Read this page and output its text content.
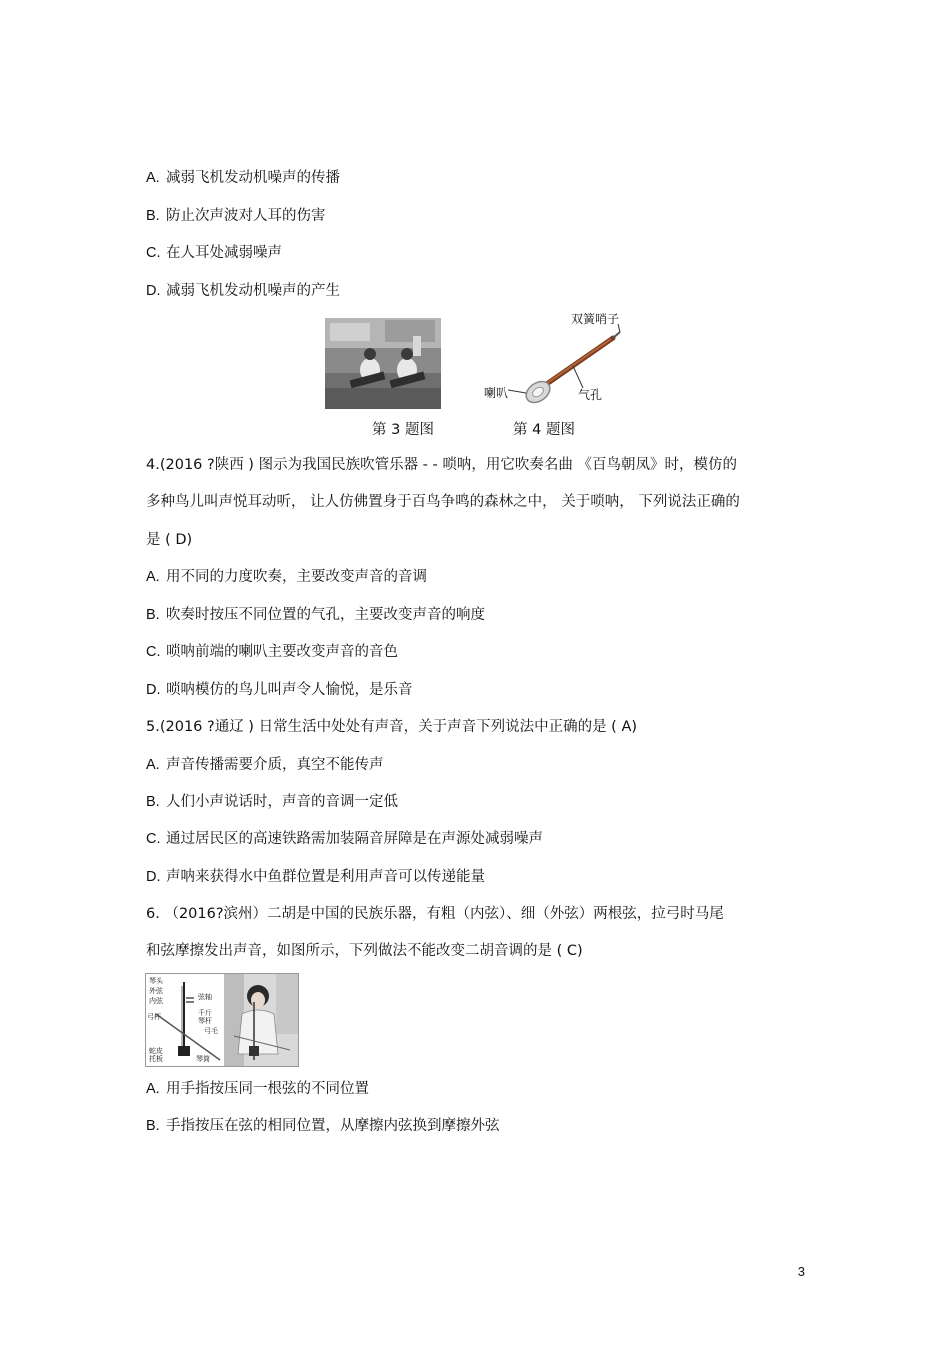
A. 减弱飞机发动机噪声的传播
B. 防止次声波对人耳的伤害
C. 在人耳处减弱噪声
D. 减弱飞机发动机噪声的产生
双簧哨子
喇叭	气孔
第 3 题图	第 4 题图
4.(2016 ?陕西 ) 图示为我国民族吹管乐器 - - 唢呐，用它吹奏名曲 《百鸟朝凤》时，模仿的
多种鸟儿叫声悦耳动听， 让人仿佛置身于百鸟争鸣的森林之中， 关于唢呐， 下列说法正确的
是 ( D)
A. 用不同的力度吹奏，主要改变声音的音调
B. 吹奏时按压不同位置的气孔，主要改变声音的响度
C. 唢呐前端的喇叭主要改变声音的音色
D. 唢呐模仿的鸟儿叫声令人愉悦，是乐音
5.(2016 ?通辽 ) 日常生活中处处有声音，关于声音下列说法中正确的是 ( A)
A. 声音传播需要介质，真空不能传声
B. 人们小声说话时，声音的音调一定低
C. 通过居民区的高速铁路需加装隔音屏障是在声源处减弱噪声
D. 声呐来获得水中鱼群位置是利用声音可以传递能量
6. （2016?滨州）二胡是中国的民族乐器，有粗（内弦）、细（外弦）两根弦，拉弓时马尾
和弦摩擦发出声音，如图所示，下列做法不能改变二胡音调的是 ( C)
琴头
外弦
内弦	弦轴
千斤
琴杆
弓杆
弓毛
蛇皮
托板	琴筒
A. 用手指按压同一根弦的不同位置
B. 手指按压在弦的相同位置，从摩擦内弦换到摩擦外弦
3
